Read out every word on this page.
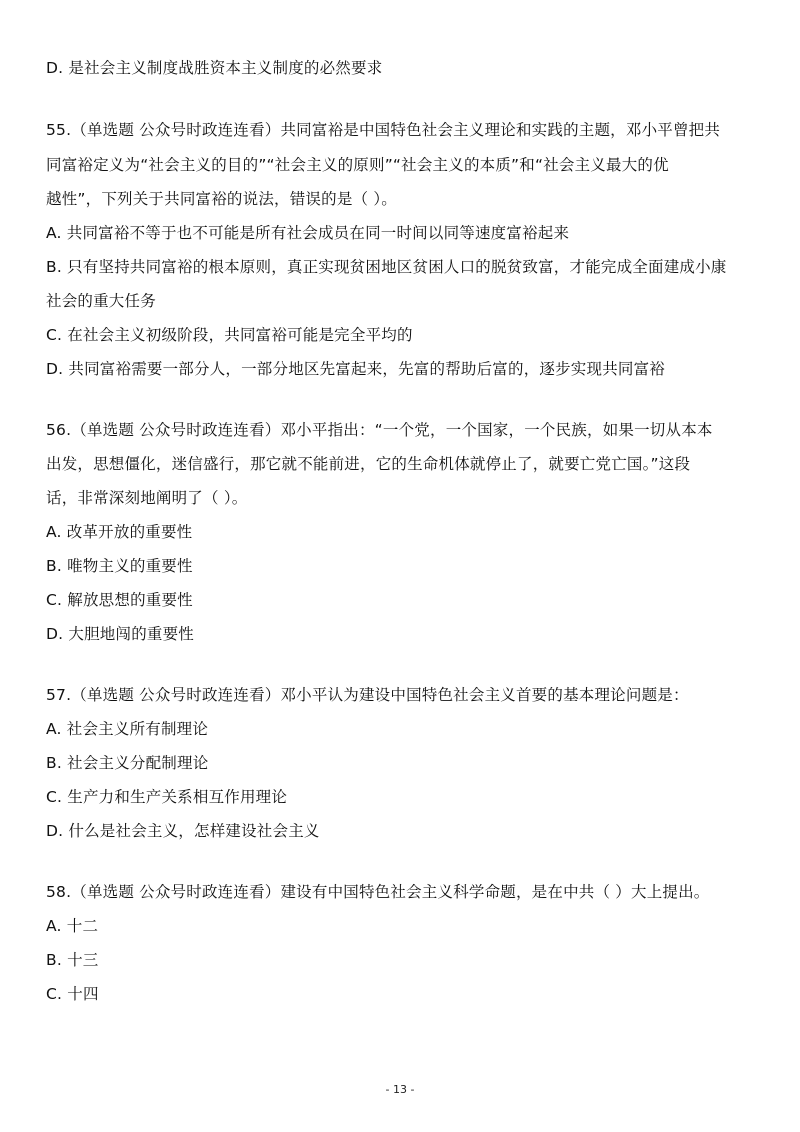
D. 是社会主义制度战胜资本主义制度的必然要求
55.（单选题 公众号时政连连看）共同富裕是中国特色社会主义理论和实践的主题，邓小平曾把共
同富裕定义为“社会主义的目的”“社会主义的原则”“社会主义的本质”和“社会主义最大的优
越性”，下列关于共同富裕的说法，错误的是（ ）。
A. 共同富裕不等于也不可能是所有社会成员在同一时间以同等速度富裕起来
B. 只有坚持共同富裕的根本原则，真正实现贫困地区贫困人口的脱贫致富，才能完成全面建成小康
社会的重大任务
C. 在社会主义初级阶段，共同富裕可能是完全平均的
D. 共同富裕需要一部分人，一部分地区先富起来，先富的帮助后富的，逐步实现共同富裕
56.（单选题 公众号时政连连看）邓小平指出：“一个党，一个国家，一个民族，如果一切从本本
出发，思想僵化，迷信盛行，那它就不能前进，它的生命机体就停止了，就要亡党亡国。”这段
话，非常深刻地阐明了（ ）。
A. 改革开放的重要性
B. 唯物主义的重要性
C. 解放思想的重要性
D. 大胆地闯的重要性
57.（单选题 公众号时政连连看）邓小平认为建设中国特色社会主义首要的基本理论问题是：
A. 社会主义所有制理论
B. 社会主义分配制理论
C. 生产力和生产关系相互作用理论
D. 什么是社会主义，怎样建设社会主义
58.（单选题 公众号时政连连看）建设有中国特色社会主义科学命题，是在中共（ ）大上提出。
A. 十二
B. 十三
C. 十四
- 13 -
